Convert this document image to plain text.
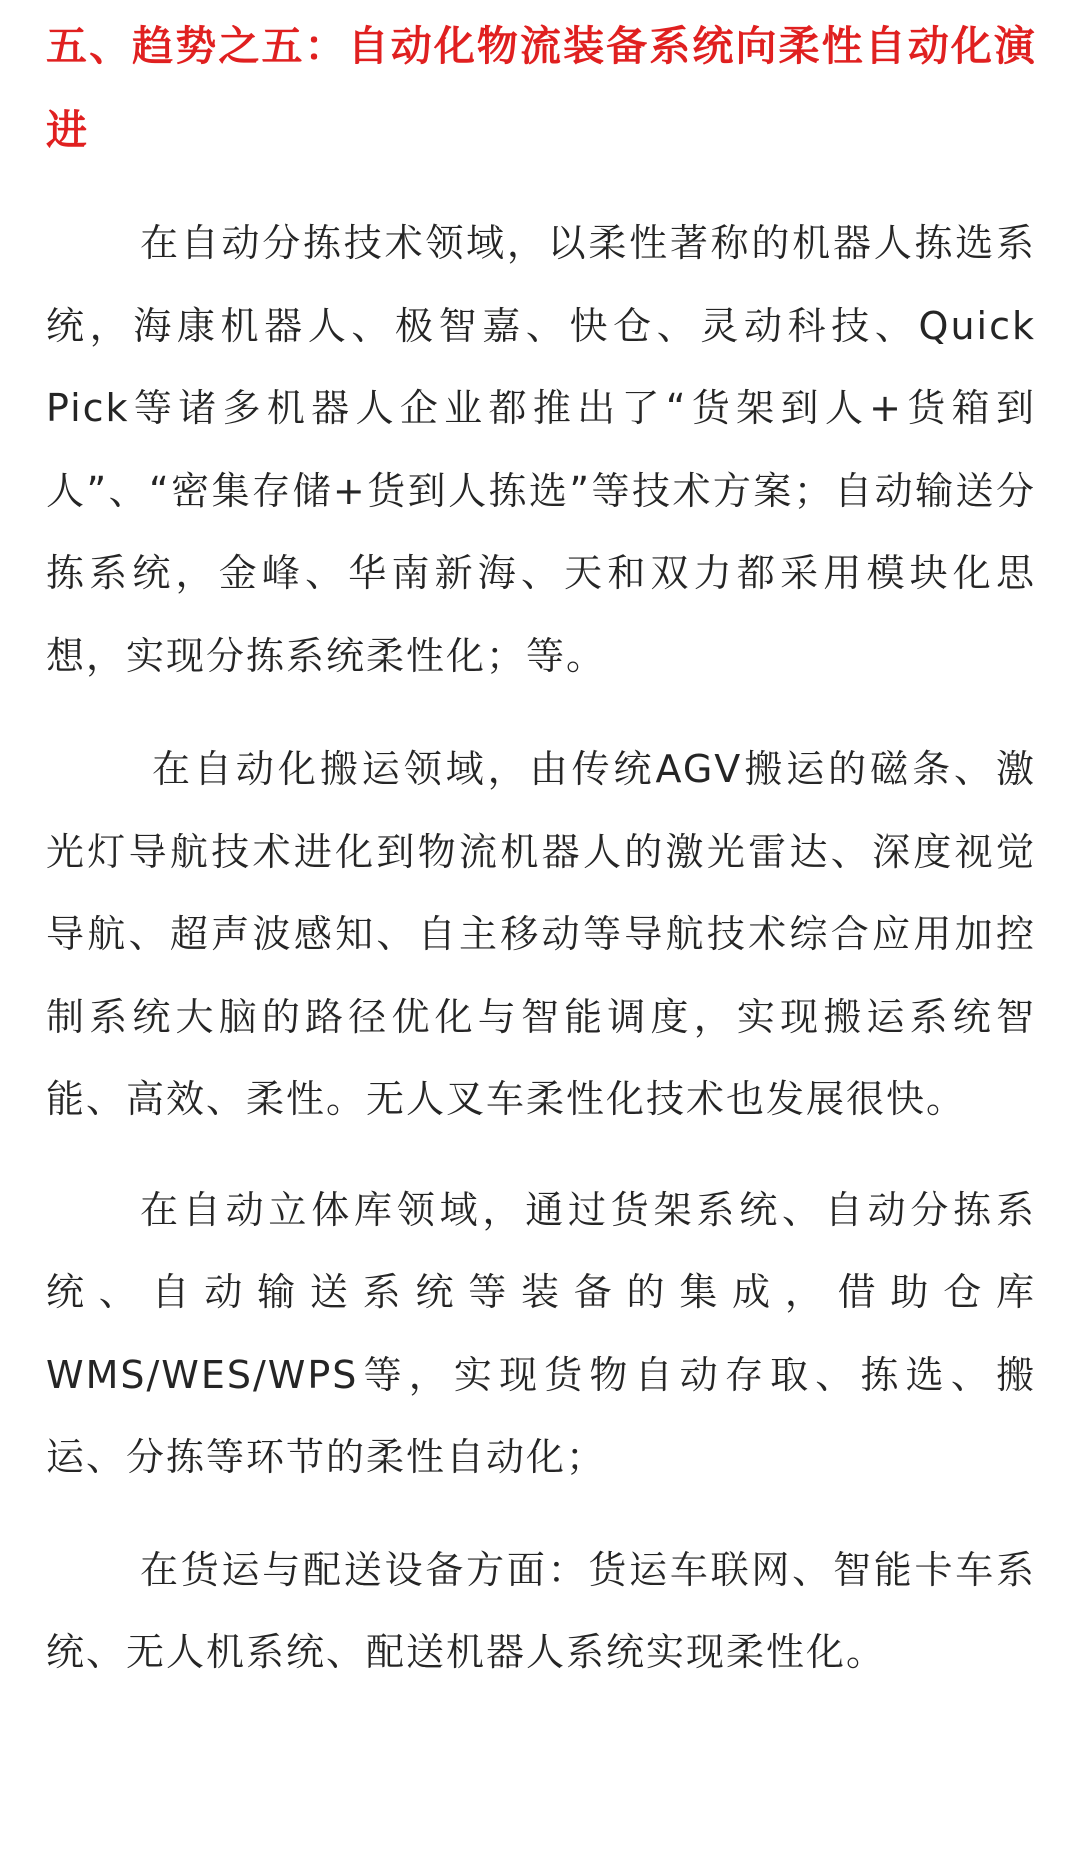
五、趋势之五：自动化物流装备系统向柔性自动化演进

在自动分拣技术领域，以柔性著称的机器人拣选系统，海康机器人、极智嘉、快仓、灵动科技、Quick Pick等诸多机器人企业都推出了“货架到人+货箱到人”、“密集存储+货到人拣选”等技术方案；自动输送分拣系统，金峰、华南新海、天和双力都采用模块化思想，实现分拣系统柔性化；等。

在自动化搬运领域，由传统AGV搬运的磁条、激光灯导航技术进化到物流机器人的激光雷达、深度视觉导航、超声波感知、自主移动等导航技术综合应用加控制系统大脑的路径优化与智能调度，实现搬运系统智能、高效、柔性。无人叉车柔性化技术也发展很快。

在自动立体库领域，通过货架系统、自动分拣系统、自动输送系统等装备的集成，借助仓库WMS/WES/WPS等，实现货物自动存取、拣选、搬运、分拣等环节的柔性自动化；

在货运与配送设备方面：货运车联网、智能卡车系统、无人机系统、配送机器人系统实现柔性化。
